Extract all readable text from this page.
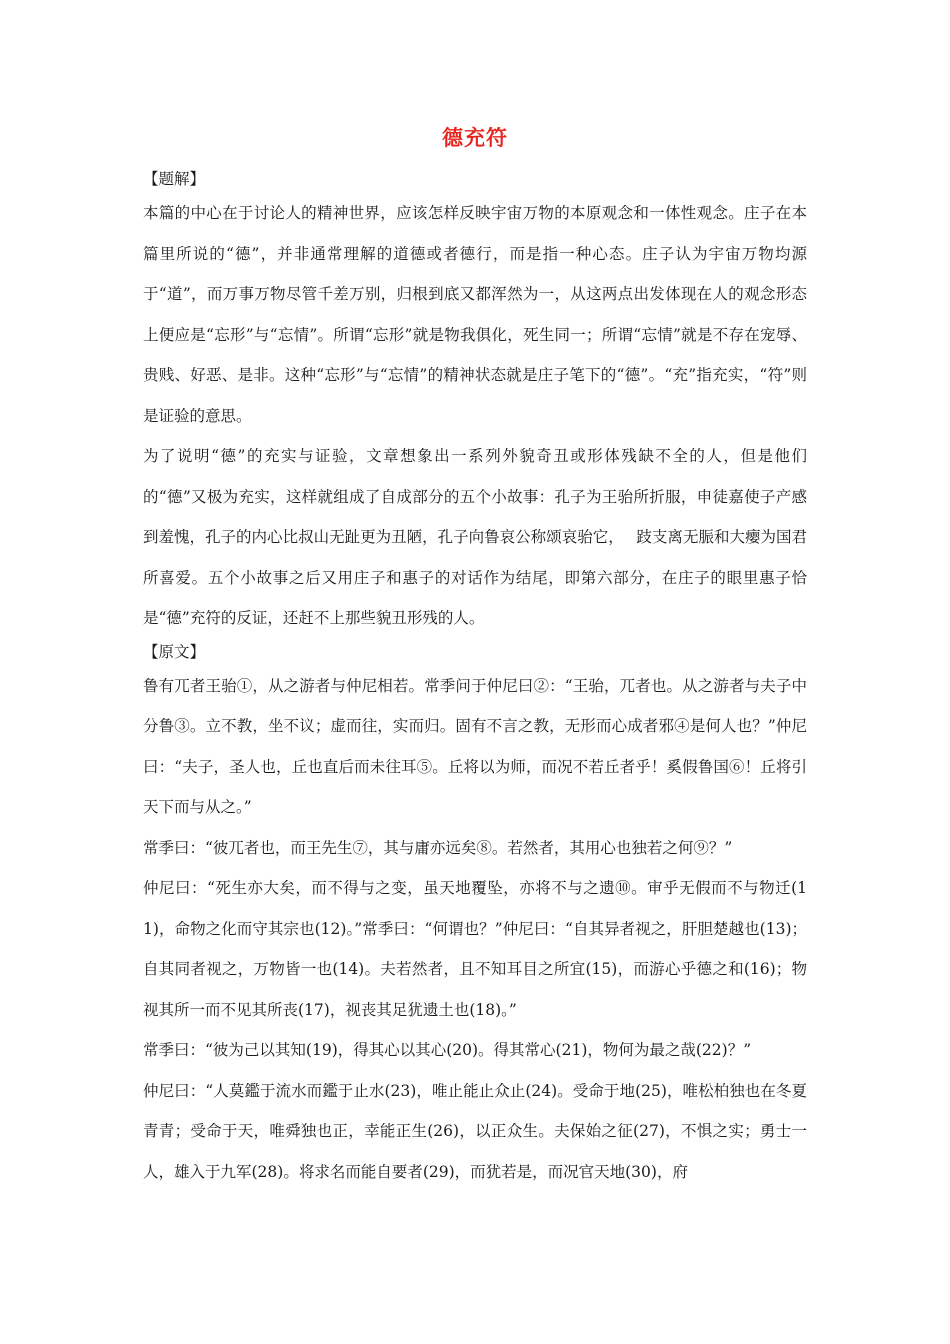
德充符

【题解】

本篇的中心在于讨论人的精神世界，应该怎样反映宇宙万物的本原观念和一体性观念。庄子在本篇里所说的“德”，并非通常理解的道德或者德行，而是指一种心态。庄子认为宇宙万物均源于“道”，而万事万物尽管千差万别，归根到底又都浑然为一，从这两点出发体现在人的观念形态上便应是“忘形”与“忘情”。所谓“忘形”就是物我俱化，死生同一；所谓“忘情”就是不存在宠辱、贵贱、好恶、是非。这种“忘形”与“忘情”的精神状态就是庄子笔下的“德”。“充”指充实，“符”则是证验的意思。

为了说明“德”的充实与证验，文章想象出一系列外貌奇丑或形体残缺不全的人，但是他们的“德”又极为充实，这样就组成了自成部分的五个小故事：孔子为王骀所折服，申徒嘉使子产感到羞愧，孔子的内心比叔山无趾更为丑陋，孔子向鲁哀公称颂哀骀它，　 跂支离无脤和大瘿为国君所喜爱。五个小故事之后又用庄子和惠子的对话作为结尾，即第六部分，在庄子的眼里惠子恰是“德”充符的反证，还赶不上那些貌丑形残的人。

【原文】

鲁有兀者王骀①，从之游者与仲尼相若。常季问于仲尼曰②：“王骀，兀者也。从之游者与夫子中分鲁③。立不教，坐不议；虚而往，实而归。固有不言之教，无形而心成者邪④是何人也？”仲尼曰：“夫子，圣人也，丘也直后而未往耳⑤。丘将以为师，而况不若丘者乎！奚假鲁国⑥！丘将引天下而与从之。”

常季曰：“彼兀者也，而王先生⑦，其与庸亦远矣⑧。若然者，其用心也独若之何⑨？”

仲尼曰：“死生亦大矣，而不得与之变，虽天地覆坠，亦将不与之遗⑩。审乎无假而不与物迁(11)，命物之化而守其宗也(12)。”常季曰：“何谓也？”仲尼曰：“自其异者视之，肝胆楚越也(13)；自其同者视之，万物皆一也(14)。夫若然者，且不知耳目之所宜(15)，而游心乎德之和(16)；物视其所一而不见其所丧(17)，视丧其足犹遗土也(18)。”

常季曰：“彼为己以其知(19)，得其心以其心(20)。得其常心(21)，物何为最之哉(22)？”

仲尼曰：“人莫鑑于流水而鑑于止水(23)，唯止能止众止(24)。受命于地(25)，唯松柏独也在冬夏青青；受命于天，唯舜独也正，幸能正生(26)，以正众生。夫保始之征(27)，不惧之实；勇士一人，雄入于九军(28)。将求名而能自要者(29)，而犹若是，而况官天地(30)，府
